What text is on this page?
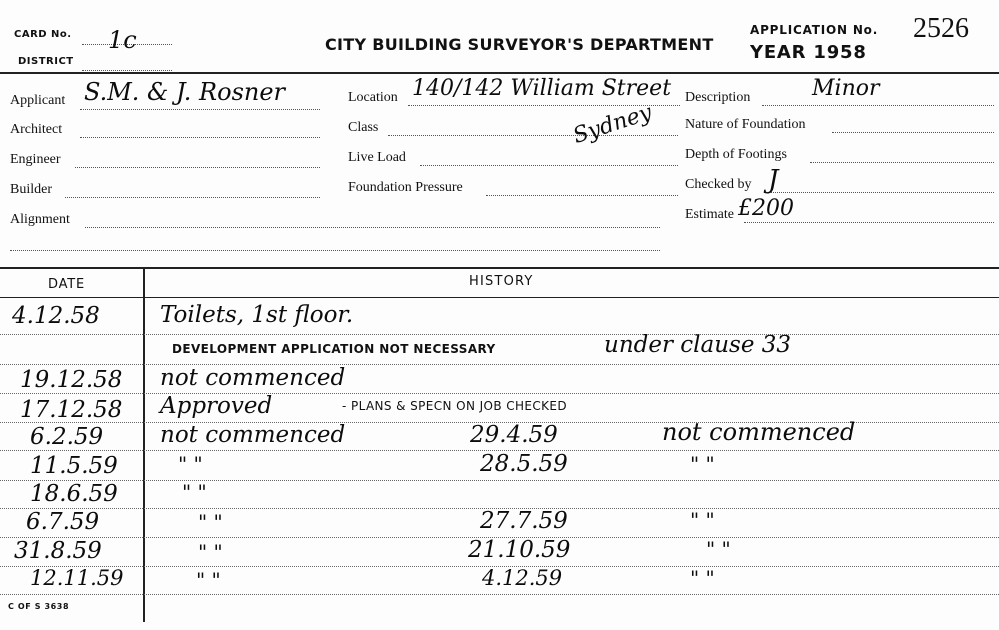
CARD No. 1c
DISTRICT
CITY BUILDING SURVEYOR'S DEPARTMENT
APPLICATION No. 2526
YEAR 1958
Applicant S.M. & J. Rosner
Architect
Engineer
Builder
Alignment
Location 140/142 William Street
Class	Sydney
Live Load
Foundation Pressure
Description	Minor
Nature of Foundation
Depth of Footings
Checked by J
Estimate £200
DATE	HISTORY
4.12.58	Toilets, 1st floor.
DEVELOPMENT APPLICATION NOT NECESSARY	under clause 33
19.12.58 not commenced
17.12.58 Approved	- PLANS & SPECN ON JOB CHECKED
6.2.59 not commenced	29.4.59	not commenced
11.5.59	" "	28.5.59	" "
18.6.59	" "
6.7.59	" "	27.7.59	" "
31.8.59	" "	21.10.59	" "
12.11.59	" "	4.12.59	" "
C OF S 3638
